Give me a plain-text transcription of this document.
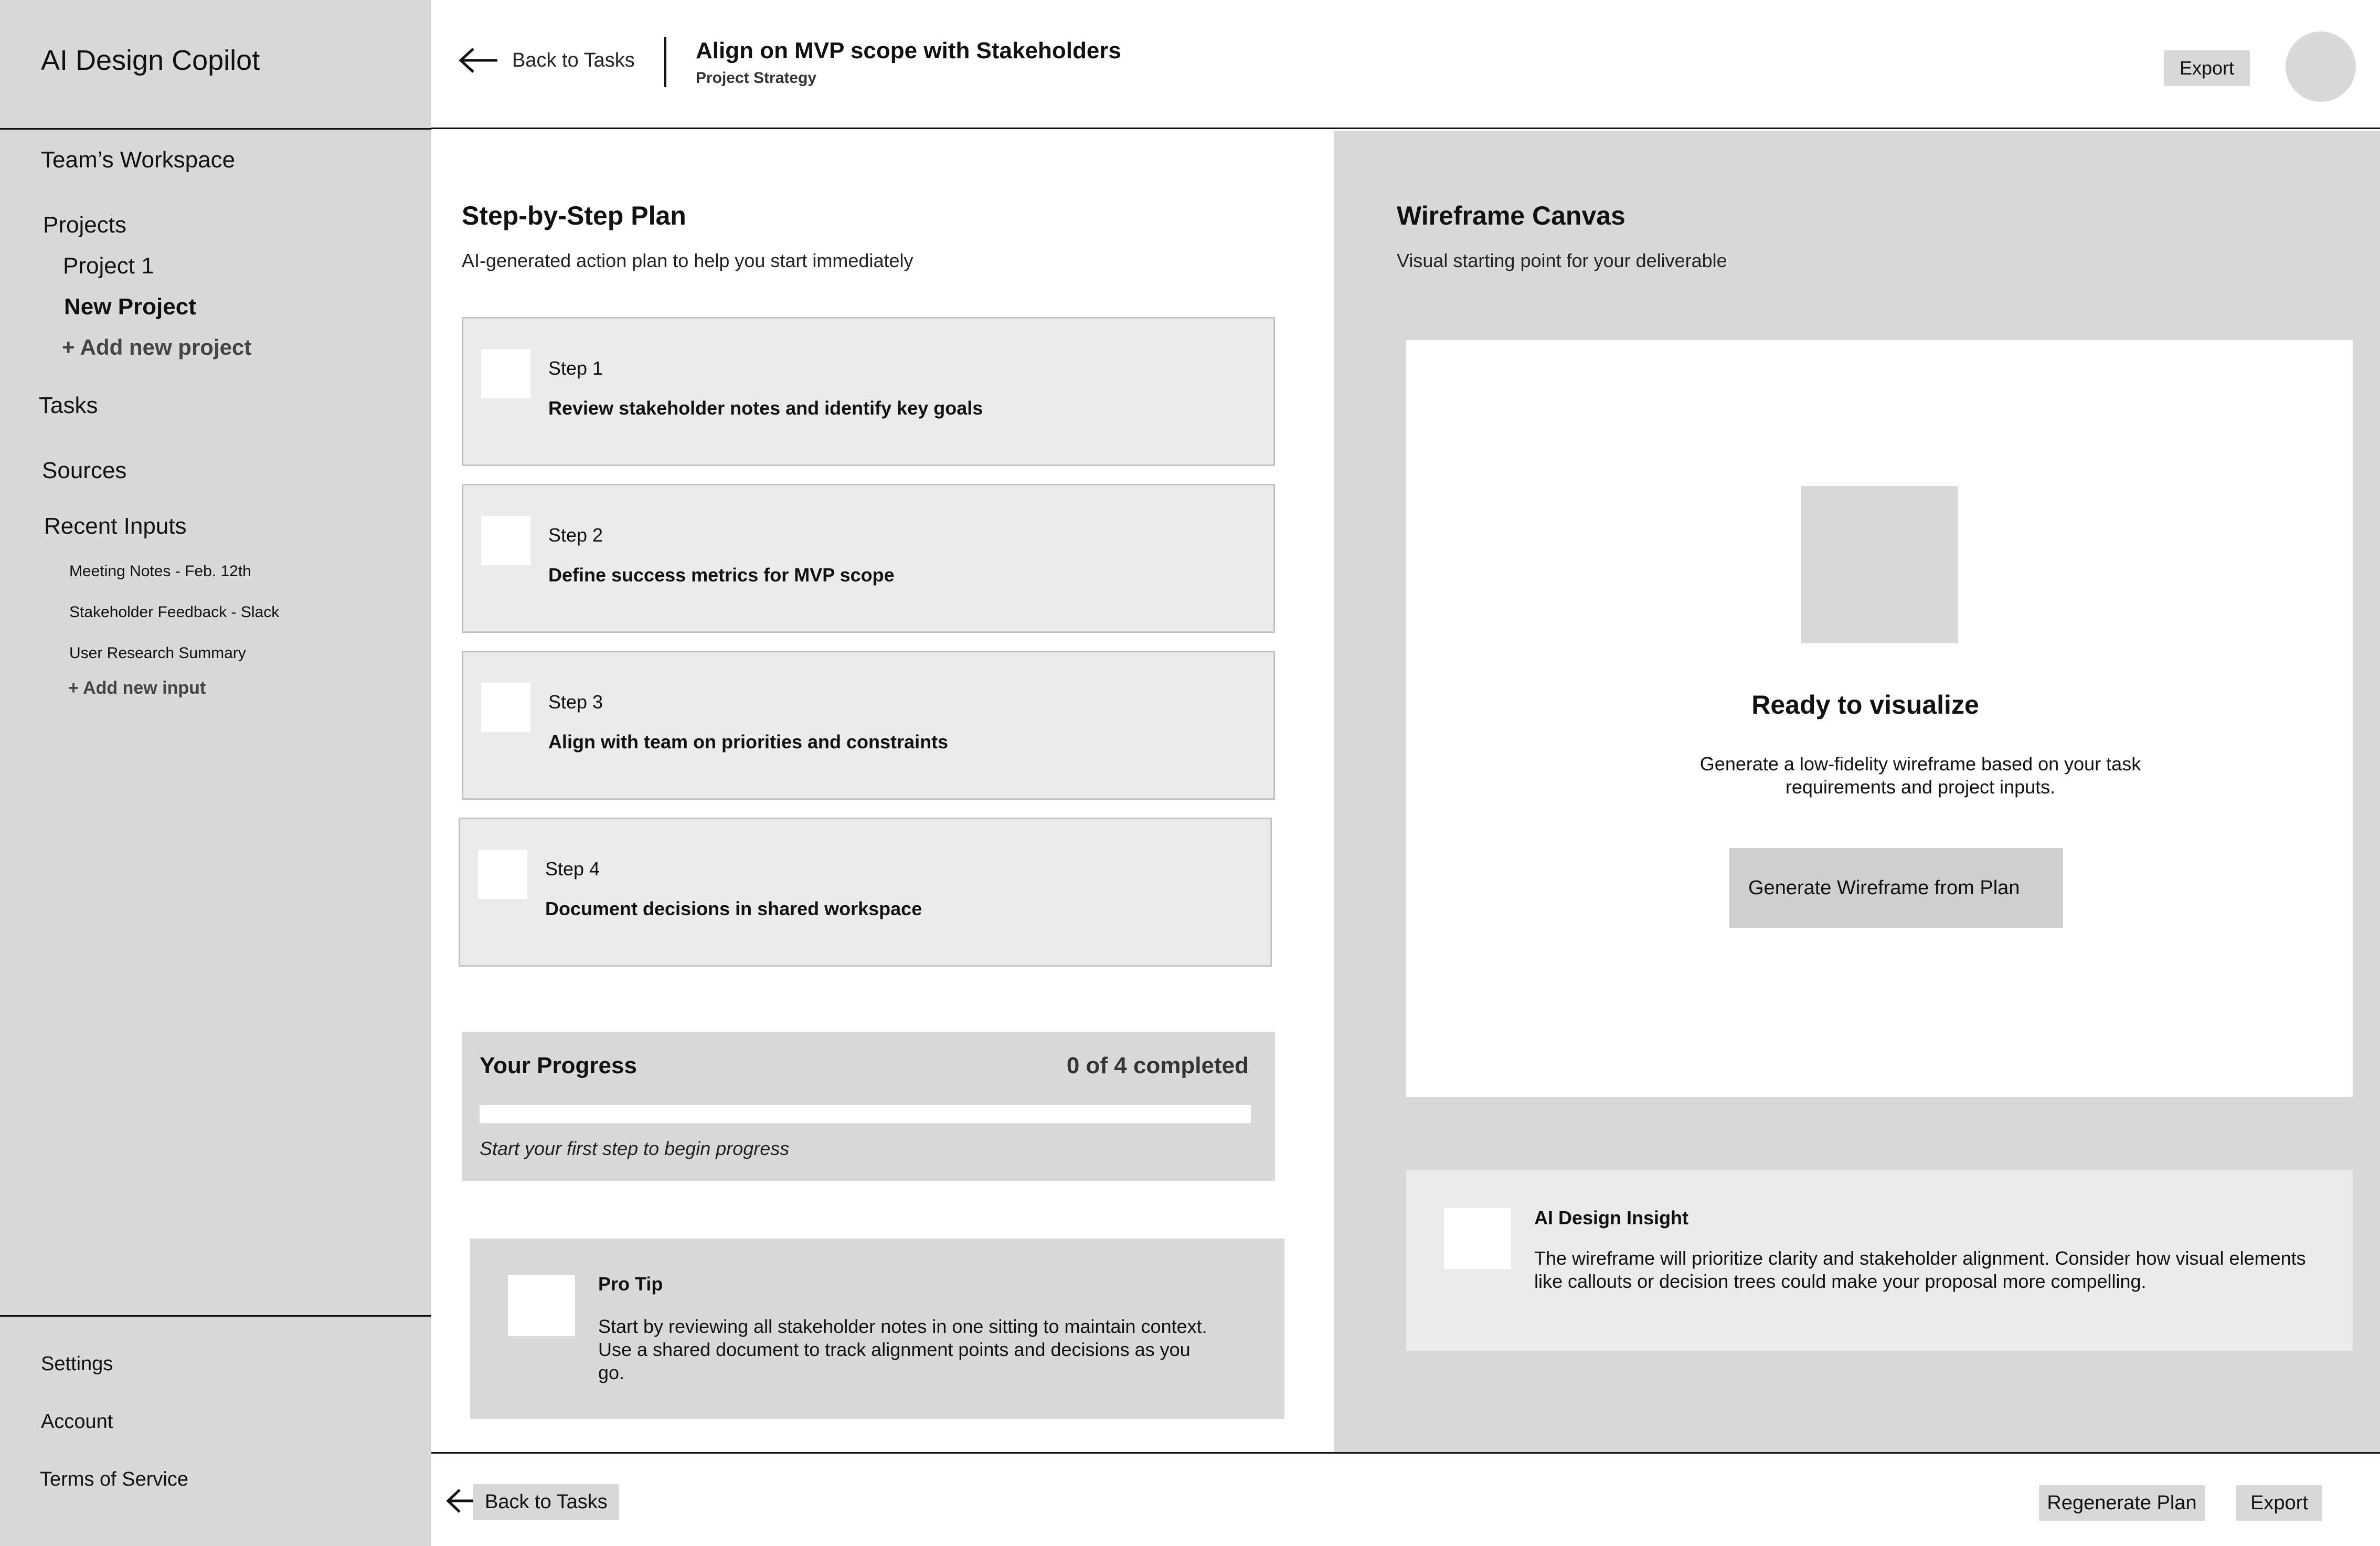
AI Design Copilot
Team’s Workspace
Projects
Project 1
New Project
+ Add new project
Tasks
Sources
Recent Inputs
Meeting Notes - Feb. 12th
Stakeholder Feedback - Slack
User Research Summary
+ Add new input
Settings
Account
Terms of Service
Back to Tasks	Align on MVP scope with Stakeholders
Project Strategy	Export
Step-by-Step Plan
AI-generated action plan to help you start immediately
Step 1
Review stakeholder notes and identify key goals
Step 2
Define success metrics for MVP scope
Step 3
Align with team on priorities and constraints
Step 4
Document decisions in shared workspace
Your Progress	0 of 4 completed
Start your first step to begin progress
Pro Tip
Start by reviewing all stakeholder notes in one sitting to maintain context. Use a shared document to track alignment points and decisions as you go.
Wireframe Canvas
Visual starting point for your deliverable
Ready to visualize
Generate a low-fidelity wireframe based on your task requirements and project inputs.
Generate Wireframe from Plan
AI Design Insight
The wireframe will prioritize clarity and stakeholder alignment. Consider how visual elements like callouts or decision trees could make your proposal more compelling.
Back to Tasks	Regenerate Plan	Export
